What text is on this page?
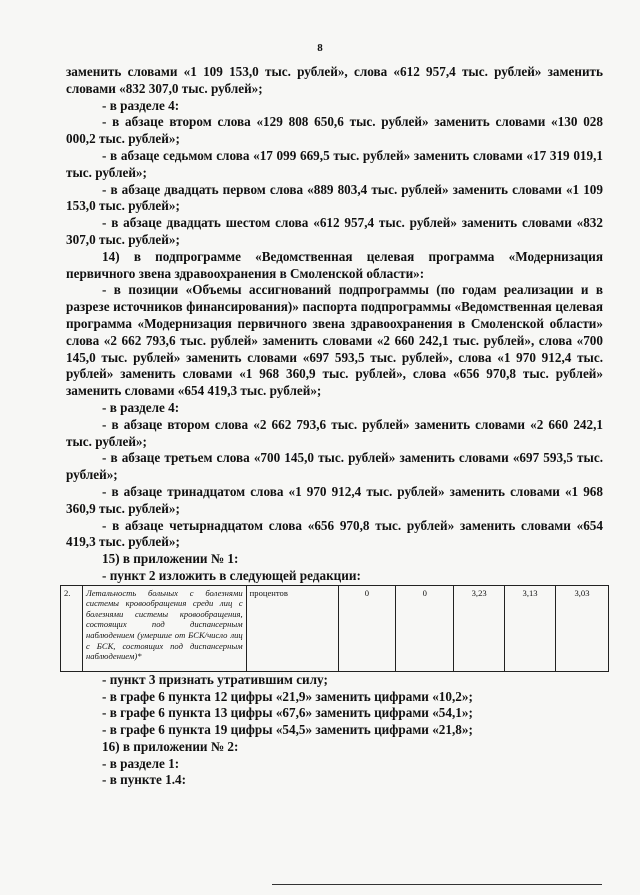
8

заменить словами «1 109 153,0 тыс. рублей», слова «612 957,4 тыс. рублей» заменить словами «832 307,0 тыс. рублей»;

- в разделе 4:

- в абзаце втором слова «129 808 650,6 тыс. рублей» заменить словами «130 028 000,2 тыс. рублей»;

- в абзаце седьмом слова «17 099 669,5 тыс. рублей» заменить словами «17 319 019,1 тыс. рублей»;

- в абзаце двадцать первом слова «889 803,4 тыс. рублей» заменить словами «1 109 153,0 тыс. рублей»;

- в абзаце двадцать шестом слова «612 957,4 тыс. рублей» заменить словами «832 307,0 тыс. рублей»;

14) в подпрограмме «Ведомственная целевая программа «Модернизация первичного звена здравоохранения в Смоленской области»:

- в позиции «Объемы ассигнований подпрограммы (по годам реализации и в разрезе источников финансирования)» паспорта подпрограммы «Ведомственная целевая программа «Модернизация первичного звена здравоохранения в Смоленской области» слова «2 662 793,6 тыс. рублей» заменить словами «2 660 242,1 тыс. рублей», слова «700 145,0 тыс. рублей» заменить словами «697 593,5 тыс. рублей», слова «1 970 912,4 тыс. рублей» заменить словами «1 968 360,9 тыс. рублей», слова «656 970,8 тыс. рублей» заменить словами «654 419,3 тыс. рублей»;

- в разделе 4:

- в абзаце втором слова «2 662 793,6 тыс. рублей» заменить словами «2 660 242,1 тыс. рублей»;

- в абзаце третьем слова «700 145,0 тыс. рублей» заменить словами «697 593,5 тыс. рублей»;

- в абзаце тринадцатом слова «1 970 912,4 тыс. рублей» заменить словами «1 968 360,9 тыс. рублей»;

- в абзаце четырнадцатом слова «656 970,8 тыс. рублей» заменить словами «654 419,3 тыс. рублей»;

15) в приложении № 1:

- пункт 2 изложить в следующей редакции:

2.	Летальность больных с болезнями системы кровообращения среди лиц с болезнями системы кровообращения, состоящих под диспансерным наблюдением (умершие от БСК/число лиц с БСК, состоящих под диспансерным наблюдением)*	процентов	0	0	3,23	3,13	3,03

- пункт 3 признать утратившим силу;

- в графе 6 пункта 12 цифры «21,9» заменить цифрами «10,2»;

- в графе 6 пункта 13 цифры «67,6» заменить цифрами «54,1»;

- в графе 6 пункта 19 цифры «54,5» заменить цифрами «21,8»;

16) в приложении № 2:

- в разделе 1:

- в пункте 1.4:
